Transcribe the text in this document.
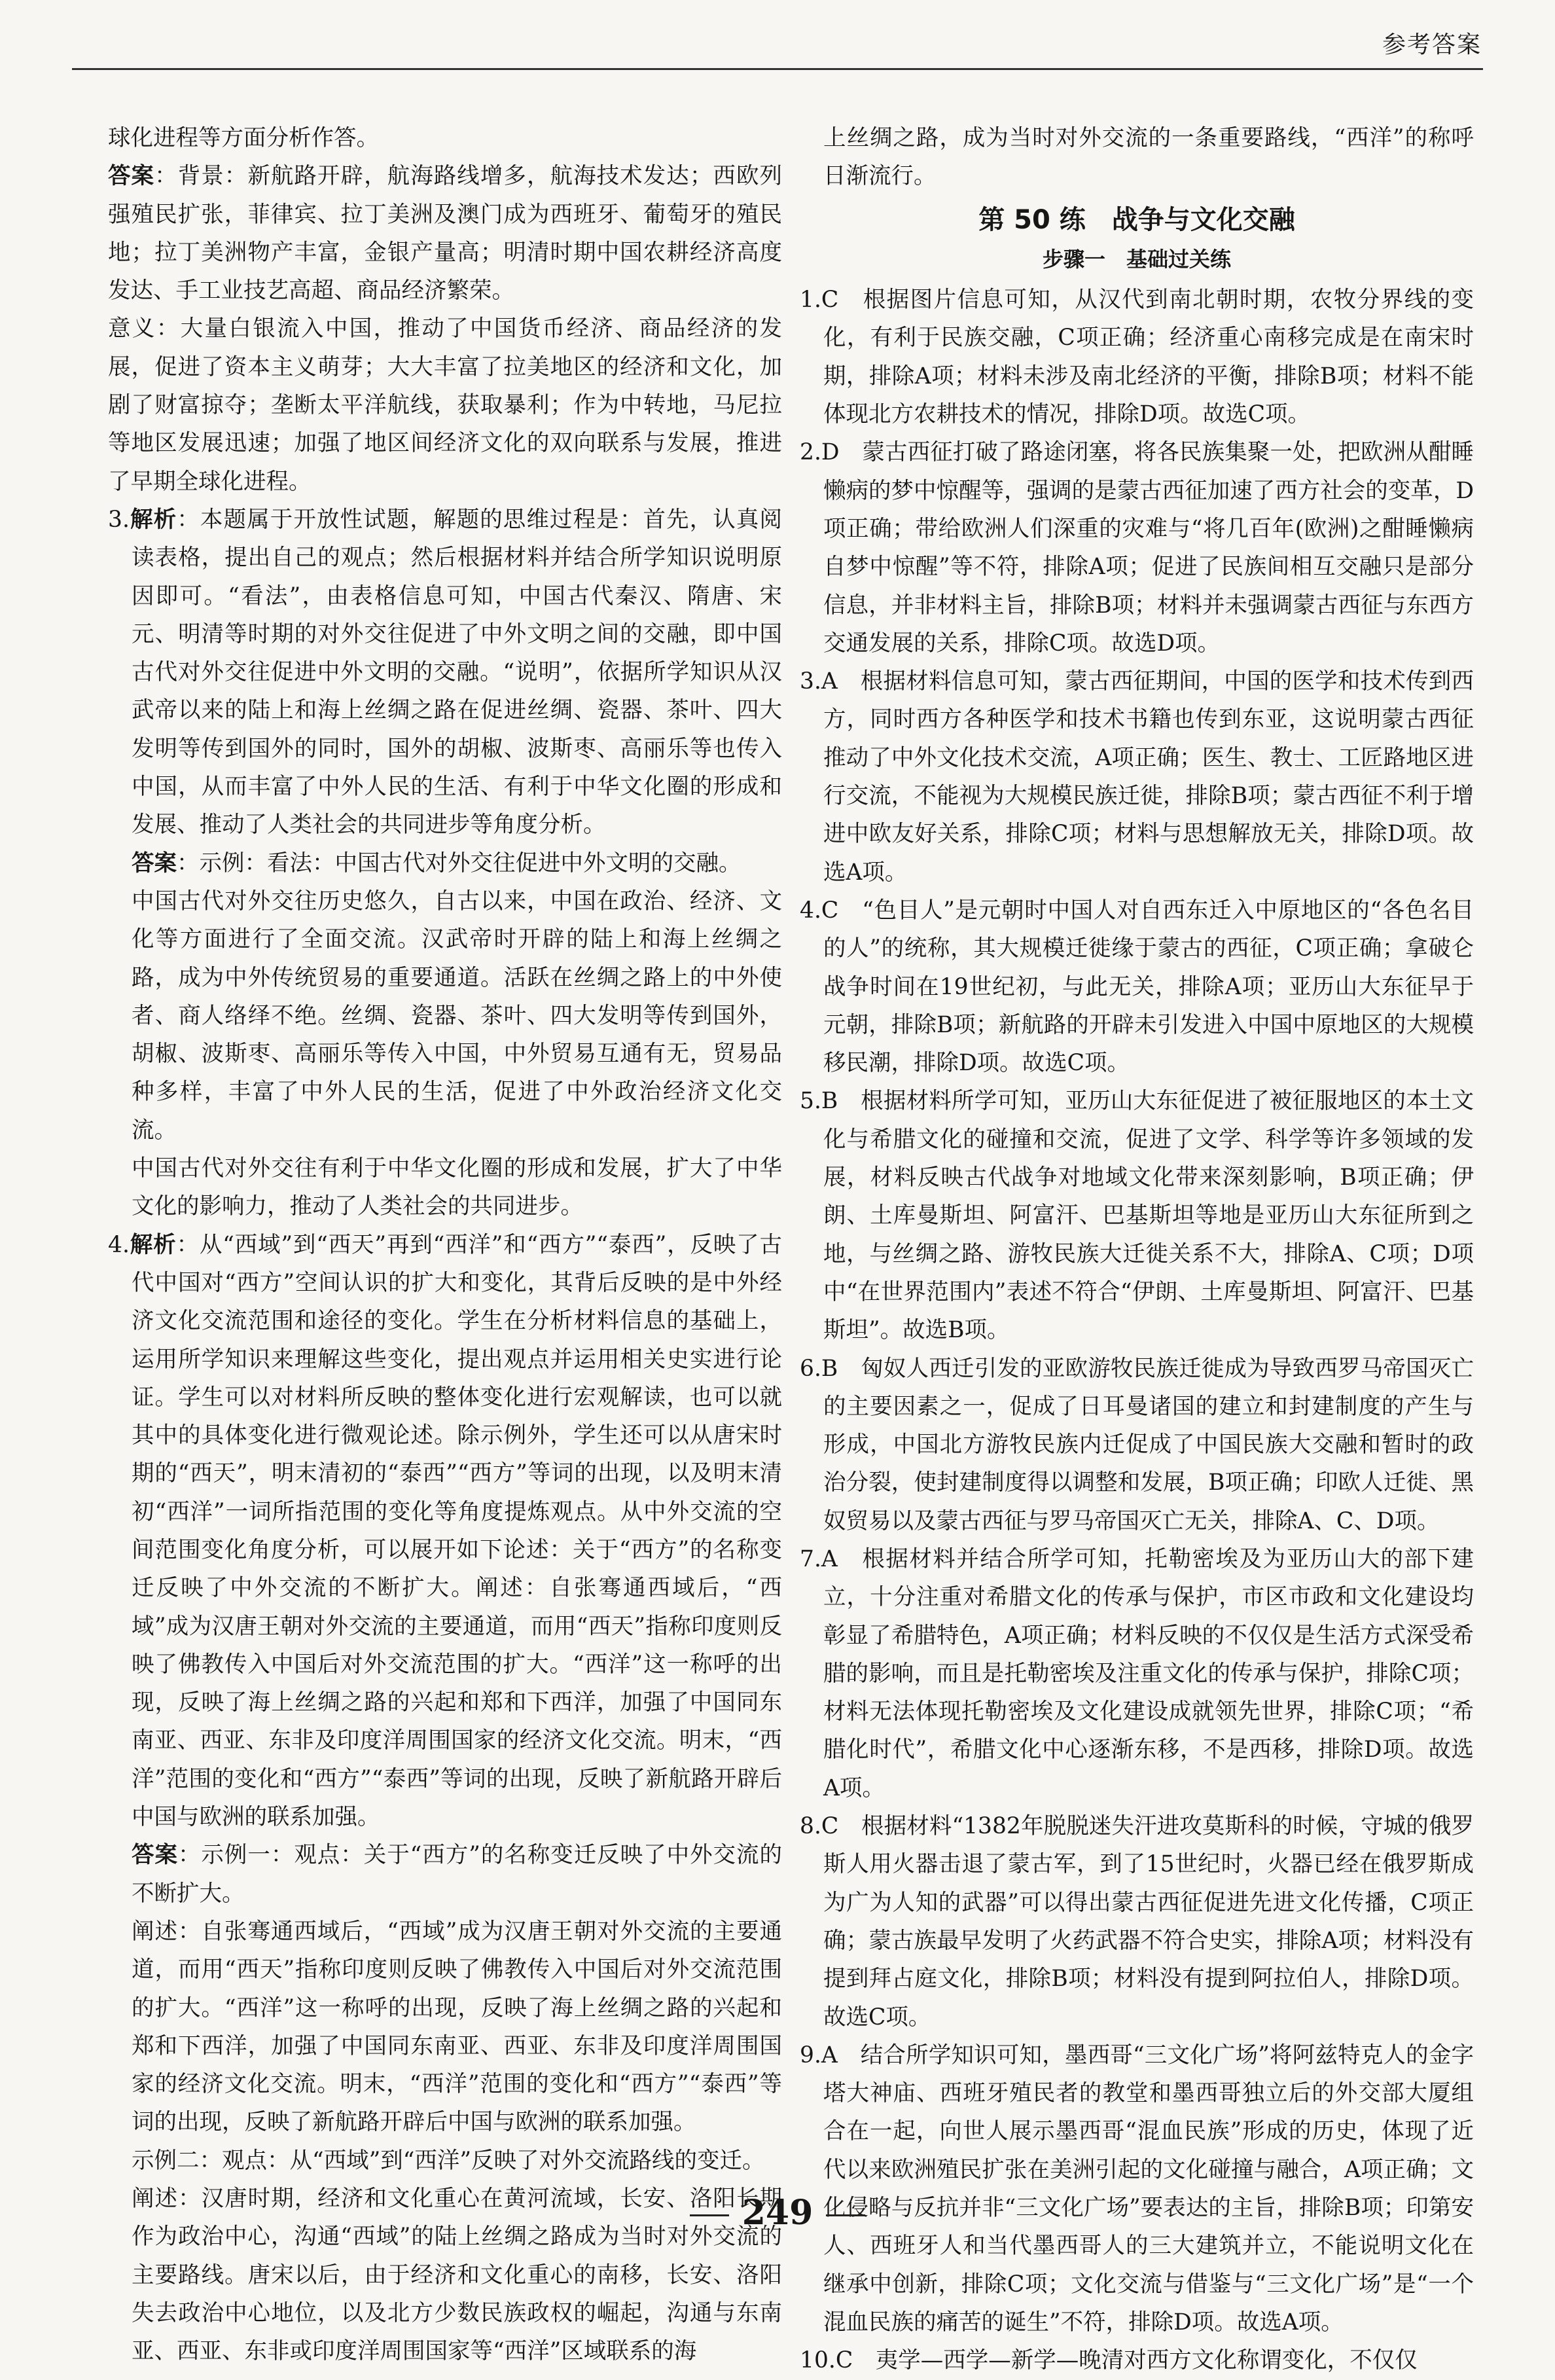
参考答案

球化进程等方面分析作答。

答案：背景：新航路开辟，航海路线增多，航海技术发达；西欧列强殖民扩张，菲律宾、拉丁美洲及澳门成为西班牙、葡萄牙的殖民地；拉丁美洲物产丰富，金银产量高；明清时期中国农耕经济高度发达、手工业技艺高超、商品经济繁荣。

意义：大量白银流入中国，推动了中国货币经济、商品经济的发展，促进了资本主义萌芽；大大丰富了拉美地区的经济和文化，加剧了财富掠夺；垄断太平洋航线，获取暴利；作为中转地，马尼拉等地区发展迅速；加强了地区间经济文化的双向联系与发展，推进了早期全球化进程。

3.解析：本题属于开放性试题，解题的思维过程是：首先，认真阅读表格，提出自己的观点；然后根据材料并结合所学知识说明原因即可。“看法”，由表格信息可知，中国古代秦汉、隋唐、宋元、明清等时期的对外交往促进了中外文明之间的交融，即中国古代对外交往促进中外文明的交融。“说明”，依据所学知识从汉武帝以来的陆上和海上丝绸之路在促进丝绸、瓷器、茶叶、四大发明等传到国外的同时，国外的胡椒、波斯枣、高丽乐等也传入中国，从而丰富了中外人民的生活、有利于中华文化圈的形成和发展、推动了人类社会的共同进步等角度分析。

答案：示例：看法：中国古代对外交往促进中外文明的交融。

中国古代对外交往历史悠久，自古以来，中国在政治、经济、文化等方面进行了全面交流。汉武帝时开辟的陆上和海上丝绸之路，成为中外传统贸易的重要通道。活跃在丝绸之路上的中外使者、商人络绎不绝。丝绸、瓷器、茶叶、四大发明等传到国外，胡椒、波斯枣、高丽乐等传入中国，中外贸易互通有无，贸易品种多样，丰富了中外人民的生活，促进了中外政治经济文化交流。

中国古代对外交往有利于中华文化圈的形成和发展，扩大了中华文化的影响力，推动了人类社会的共同进步。

4.解析：从“西域”到“西天”再到“西洋”和“西方”“泰西”，反映了古代中国对“西方”空间认识的扩大和变化，其背后反映的是中外经济文化交流范围和途径的变化。学生在分析材料信息的基础上，运用所学知识来理解这些变化，提出观点并运用相关史实进行论证。学生可以对材料所反映的整体变化进行宏观解读，也可以就其中的具体变化进行微观论述。除示例外，学生还可以从唐宋时期的“西天”，明末清初的“泰西”“西方”等词的出现，以及明末清初“西洋”一词所指范围的变化等角度提炼观点。从中外交流的空间范围变化角度分析，可以展开如下论述：关于“西方”的名称变迁反映了中外交流的不断扩大。阐述：自张骞通西域后，“西域”成为汉唐王朝对外交流的主要通道，而用“西天”指称印度则反映了佛教传入中国后对外交流范围的扩大。“西洋”这一称呼的出现，反映了海上丝绸之路的兴起和郑和下西洋，加强了中国同东南亚、西亚、东非及印度洋周围国家的经济文化交流。明末，“西洋”范围的变化和“西方”“泰西”等词的出现，反映了新航路开辟后中国与欧洲的联系加强。

答案：示例一：观点：关于“西方”的名称变迁反映了中外交流的不断扩大。

阐述：自张骞通西域后，“西域”成为汉唐王朝对外交流的主要通道，而用“西天”指称印度则反映了佛教传入中国后对外交流范围的扩大。“西洋”这一称呼的出现，反映了海上丝绸之路的兴起和郑和下西洋，加强了中国同东南亚、西亚、东非及印度洋周围国家的经济文化交流。明末，“西洋”范围的变化和“西方”“泰西”等词的出现，反映了新航路开辟后中国与欧洲的联系加强。

示例二：观点：从“西域”到“西洋”反映了对外交流路线的变迁。

阐述：汉唐时期，经济和文化重心在黄河流域，长安、洛阳长期作为政治中心，沟通“西域”的陆上丝绸之路成为当时对外交流的主要路线。唐宋以后，由于经济和文化重心的南移，长安、洛阳失去政治中心地位，以及北方少数民族政权的崛起，沟通与东南亚、西亚、东非或印度洋周围国家等“西洋”区域联系的海

上丝绸之路，成为当时对外交流的一条重要路线，“西洋”的称呼日渐流行。

第 50 练　战争与文化交融
步骤一　基础过关练

1.C　根据图片信息可知，从汉代到南北朝时期，农牧分界线的变化，有利于民族交融，C项正确；经济重心南移完成是在南宋时期，排除A项；材料未涉及南北经济的平衡，排除B项；材料不能体现北方农耕技术的情况，排除D项。故选C项。

2.D　蒙古西征打破了路途闭塞，将各民族集聚一处，把欧洲从酣睡懒病的梦中惊醒等，强调的是蒙古西征加速了西方社会的变革，D项正确；带给欧洲人们深重的灾难与“将几百年(欧洲)之酣睡懒病自梦中惊醒”等不符，排除A项；促进了民族间相互交融只是部分信息，并非材料主旨，排除B项；材料并未强调蒙古西征与东西方交通发展的关系，排除C项。故选D项。

3.A　根据材料信息可知，蒙古西征期间，中国的医学和技术传到西方，同时西方各种医学和技术书籍也传到东亚，这说明蒙古西征推动了中外文化技术交流，A项正确；医生、教士、工匠路地区进行交流，不能视为大规模民族迁徙，排除B项；蒙古西征不利于增进中欧友好关系，排除C项；材料与思想解放无关，排除D项。故选A项。

4.C　“色目人”是元朝时中国人对自西东迁入中原地区的“各色名目的人”的统称，其大规模迁徙缘于蒙古的西征，C项正确；拿破仑战争时间在19世纪初，与此无关，排除A项；亚历山大东征早于元朝，排除B项；新航路的开辟未引发进入中国中原地区的大规模移民潮，排除D项。故选C项。

5.B　根据材料所学可知，亚历山大东征促进了被征服地区的本土文化与希腊文化的碰撞和交流，促进了文学、科学等许多领域的发展，材料反映古代战争对地域文化带来深刻影响，B项正确；伊朗、土库曼斯坦、阿富汗、巴基斯坦等地是亚历山大东征所到之地，与丝绸之路、游牧民族大迁徙关系不大，排除A、C项；D项中“在世界范围内”表述不符合“伊朗、土库曼斯坦、阿富汗、巴基斯坦”。故选B项。

6.B　匈奴人西迁引发的亚欧游牧民族迁徙成为导致西罗马帝国灭亡的主要因素之一，促成了日耳曼诸国的建立和封建制度的产生与形成，中国北方游牧民族内迁促成了中国民族大交融和暂时的政治分裂，使封建制度得以调整和发展，B项正确；印欧人迁徙、黑奴贸易以及蒙古西征与罗马帝国灭亡无关，排除A、C、D项。

7.A　根据材料并结合所学可知，托勒密埃及为亚历山大的部下建立，十分注重对希腊文化的传承与保护，市区市政和文化建设均彰显了希腊特色，A项正确；材料反映的不仅仅是生活方式深受希腊的影响，而且是托勒密埃及注重文化的传承与保护，排除C项；材料无法体现托勒密埃及文化建设成就领先世界，排除C项；“希腊化时代”，希腊文化中心逐渐东移，不是西移，排除D项。故选A项。

8.C　根据材料“1382年脱脱迷失汗进攻莫斯科的时候，守城的俄罗斯人用火器击退了蒙古军，到了15世纪时，火器已经在俄罗斯成为广为人知的武器”可以得出蒙古西征促进先进文化传播，C项正确；蒙古族最早发明了火药武器不符合史实，排除A项；材料没有提到拜占庭文化，排除B项；材料没有提到阿拉伯人，排除D项。故选C项。

9.A　结合所学知识可知，墨西哥“三文化广场”将阿兹特克人的金字塔大神庙、西班牙殖民者的教堂和墨西哥独立后的外交部大厦组合在一起，向世人展示墨西哥“混血民族”形成的历史，体现了近代以来欧洲殖民扩张在美洲引起的文化碰撞与融合，A项正确；文化侵略与反抗并非“三文化广场”要表达的主旨，排除B项；印第安人、西班牙人和当代墨西哥人的三大建筑并立，不能说明文化在继承中创新，排除C项；文化交流与借鉴与“三文化广场”是“一个混血民族的痛苦的诞生”不符，排除D项。故选A项。

10.C　夷学—西学—新学—晚清对西方文化称谓变化，不仅仅

249
